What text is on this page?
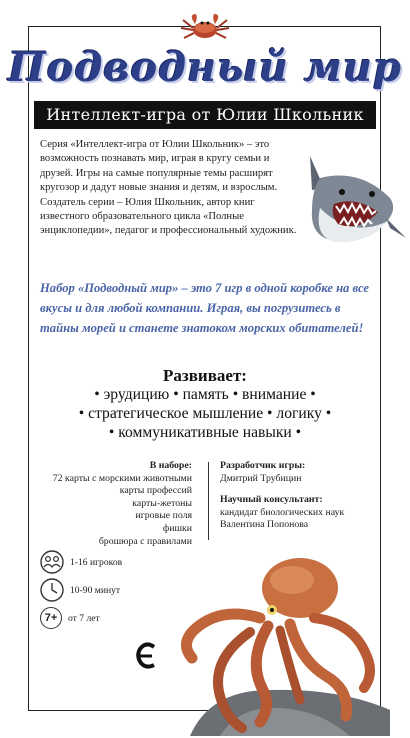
Подводный мир
Интеллект-игра от Юлии Школьник

Серия «Интеллект-игра от Юлии Школьник» – это возможность познавать мир, играя в кругу семьи и друзей. Игры на самые популярные темы расширят кругозор и дадут новые знания и детям, и взрослым.

Создатель серии – Юлия Школьник, автор книг известного образовательного цикла «Полные энциклопедии», педагог и профессиональный художник.

Набор «Подводный мир» – это 7 игр в одной коробке на все вкусы и для любой компании. Играя, вы погрузитесь в тайны морей и станете знатоком морских обитателей!
Развивает:
• эрудицию • память • внимание •
• стратегическое мышление • логику •
• коммуникативные навыки •
В наборе:
72 карты с морскими животными
карты профессий
карты-жетоны
игровые поля
фишки
брошюра с правилами
Разработчик игры:
Дмитрий Трубицин
Научный консультант:
кандидат биологических наук
Валентина Попонова
1-16 игроков
10-90 минут
7+	от 7 лет
